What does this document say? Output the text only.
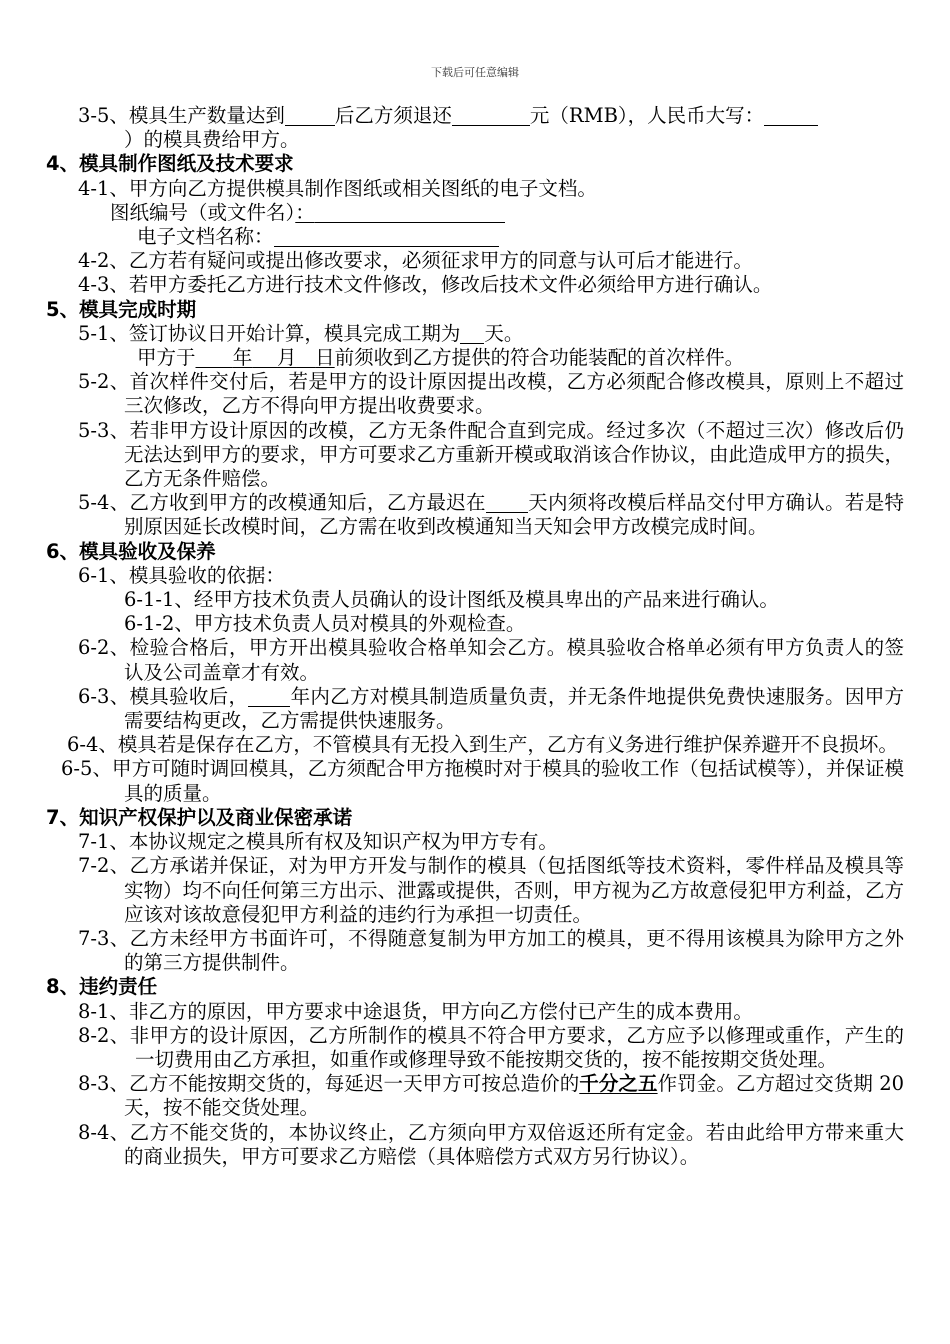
下载后可任意编辑

3-5、模具生产数量达到	后乙方须退还	元（RMB），人民币大写：
）的模具费给甲方。

4、模具制作图纸及技术要求

4-1、甲方向乙方提供模具制作图纸或相关图纸的电子文档。

图纸编号（或文件名）：

电子文档名称：

4-2、乙方若有疑问或提出修改要求，必须征求甲方的同意与认可后才能进行。

4-3、若甲方委托乙方进行技术文件修改，修改后技术文件必须给甲方进行确认。

5、模具完成时期

5-1、签订协议日开始计算，模具完成工期为 天。

甲方于 年 月 日前须收到乙方提供的符合功能装配的首次样件。

5-2、首次样件交付后，若是甲方的设计原因提出改模，乙方必须配合修改模具，原则上不超过三次修改，乙方不得向甲方提出收费要求。

5-3、若非甲方设计原因的改模，乙方无条件配合直到完成。经过多次（不超过三次）修改后仍无法达到甲方的要求，甲方可要求乙方重新开模或取消该合作协议，由此造成甲方的损失，乙方无条件赔偿。

5-4、乙方收到甲方的改模通知后，乙方最迟在 天内须将改模后样品交付甲方确认。若是特别原因延长改模时间，乙方需在收到改模通知当天知会甲方改模完成时间。

6、模具验收及保养

6-1、模具验收的依据：

6-1-1、经甲方技术负责人员确认的设计图纸及模具卑出的产品来进行确认。

6-1-2、甲方技术负责人员对模具的外观检查。

6-2、检验合格后，甲方开出模具验收合格单知会乙方。模具验收合格单必须有甲方负责人的签认及公司盖章才有效。

6-3、模具验收后， 年内乙方对模具制造质量负责，并无条件地提供免费快速服务。因甲方需要结构更改，乙方需提供快速服务。

6-4、模具若是保存在乙方，不管模具有无投入到生产，乙方有义务进行维护保养避开不良损坏。

6-5、甲方可随时调回模具，乙方须配合甲方拖模时对于模具的验收工作（包括试模等），并保证模具的质量。

7、知识产权保护以及商业保密承诺

7-1、本协议规定之模具所有权及知识产权为甲方专有。

7-2、乙方承诺并保证，对为甲方开发与制作的模具（包括图纸等技术资料，零件样品及模具等实物）均不向任何第三方出示、泄露或提供，否则，甲方视为乙方故意侵犯甲方利益，乙方应该对该故意侵犯甲方利益的违约行为承担一切责任。

7-3、乙方未经甲方书面许可，不得随意复制为甲方加工的模具，更不得用该模具为除甲方之外的第三方提供制件。

8、违约责任

8-1、非乙方的原因，甲方要求中途退货，甲方向乙方偿付已产生的成本费用。

8-2、非甲方的设计原因，乙方所制作的模具不符合甲方要求，乙方应予以修理或重作，产生的一切费用由乙方承担，如重作或修理导致不能按期交货的，按不能按期交货处理。

8-3、乙方不能按期交货的，每延迟一天甲方可按总造价的千分之五作罚金。乙方超过交货期 20 天，按不能交货处理。

8-4、乙方不能交货的，本协议终止，乙方须向甲方双倍返还所有定金。若由此给甲方带来重大的商业损失，甲方可要求乙方赔偿（具体赔偿方式双方另行协议）。
